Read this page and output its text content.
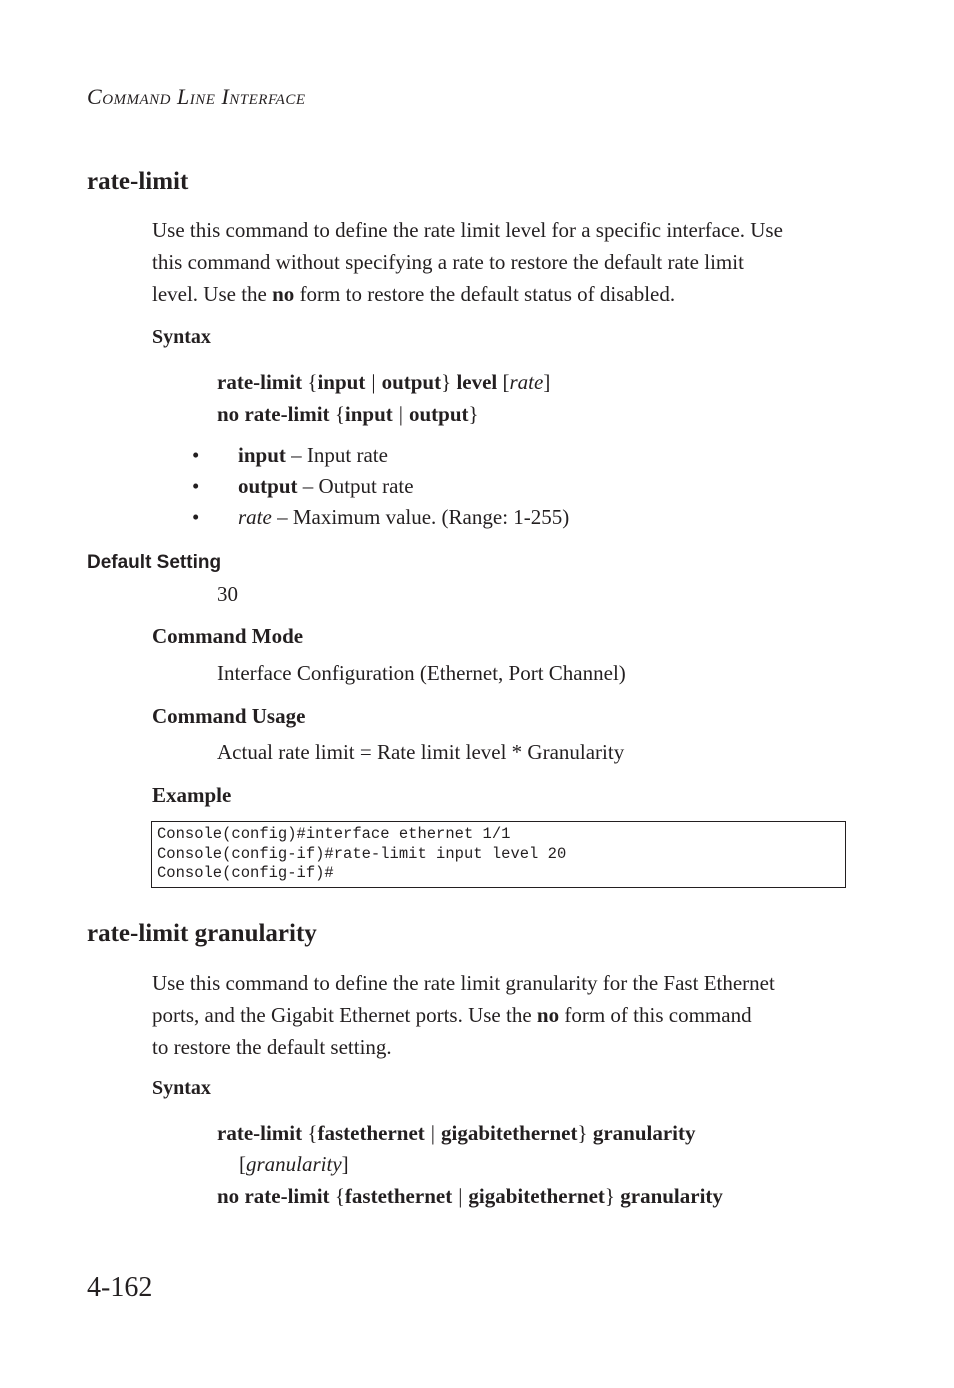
COMMAND LINE INTERFACE
rate-limit
Use this command to define the rate limit level for a specific interface. Use
this command without specifying a rate to restore the default rate limit
level. Use the no form to restore the default status of disabled.
Syntax
rate-limit {input | output} level [rate]
no rate-limit {input | output}
• input – Input rate
• output – Output rate
• rate – Maximum value. (Range: 1-255)
Default Setting
30
Command Mode
Interface Configuration (Ethernet, Port Channel)
Command Usage
Actual rate limit = Rate limit level * Granularity
Example
Console(config)#interface ethernet 1/1
Console(config-if)#rate-limit input level 20
Console(config-if)#
rate-limit granularity
Use this command to define the rate limit granularity for the Fast Ethernet
ports, and the Gigabit Ethernet ports. Use the no form of this command
to restore the default setting.
Syntax
rate-limit {fastethernet | gigabitethernet} granularity
[granularity]
no rate-limit {fastethernet | gigabitethernet} granularity
4-162
